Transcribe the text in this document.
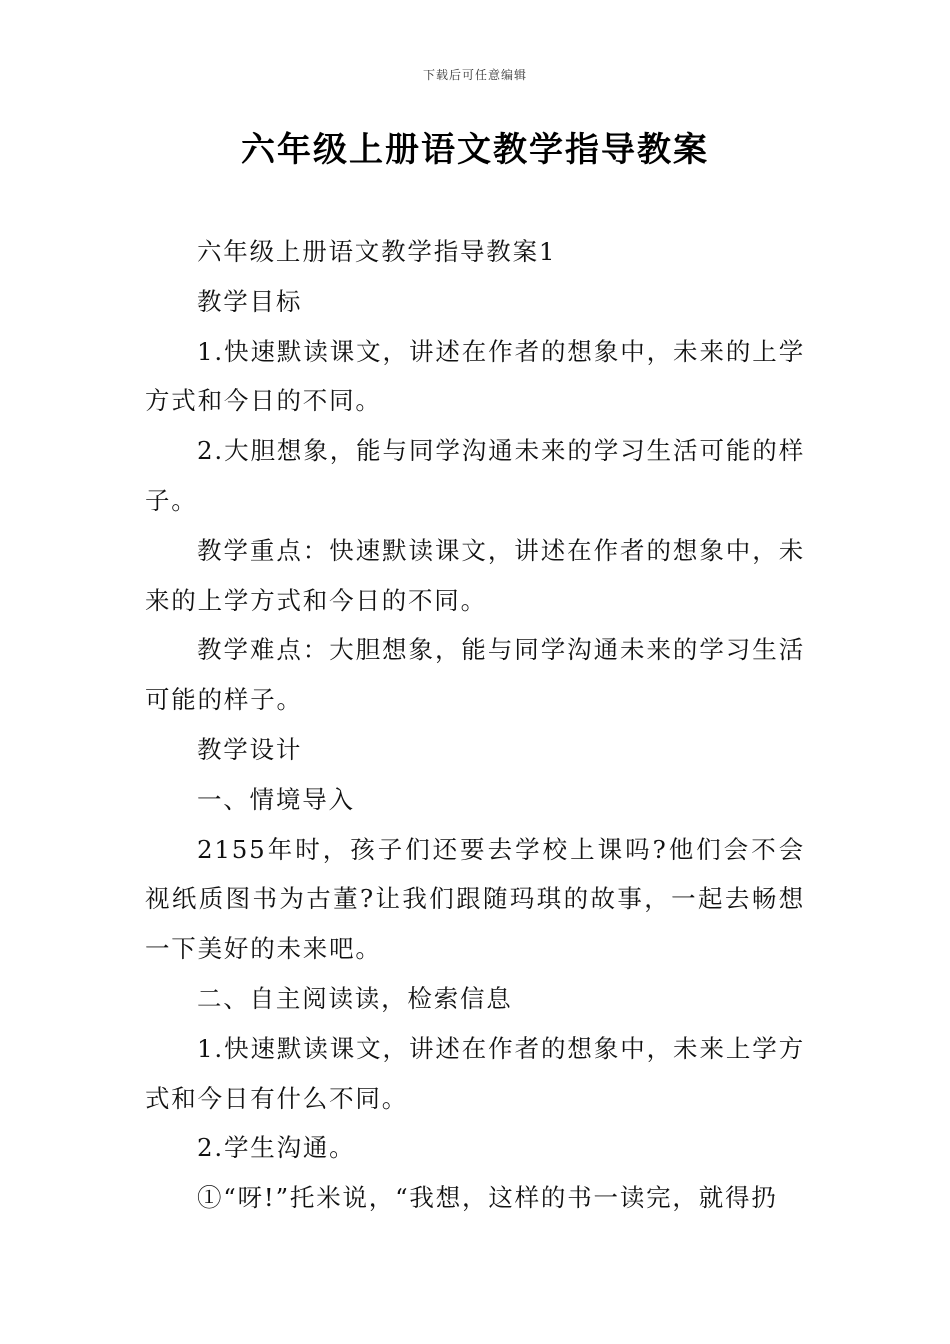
下载后可任意编辑
六年级上册语文教学指导教案

六年级上册语文教学指导教案1

教学目标

1.快速默读课文，讲述在作者的想象中，未来的上学方式和今日的不同。

2.大胆想象，能与同学沟通未来的学习生活可能的样子。

教学重点：快速默读课文，讲述在作者的想象中，未来的上学方式和今日的不同。

教学难点：大胆想象，能与同学沟通未来的学习生活可能的样子。

教学设计

一、情境导入

2155年时，孩子们还要去学校上课吗?他们会不会视纸质图书为古董?让我们跟随玛琪的故事，一起去畅想一下美好的未来吧。

二、自主阅读读，检索信息

1.快速默读课文，讲述在作者的想象中，未来上学方式和今日有什么不同。

2.学生沟通。

①“呀!”托米说，“我想，这样的书一读完，就得扔
